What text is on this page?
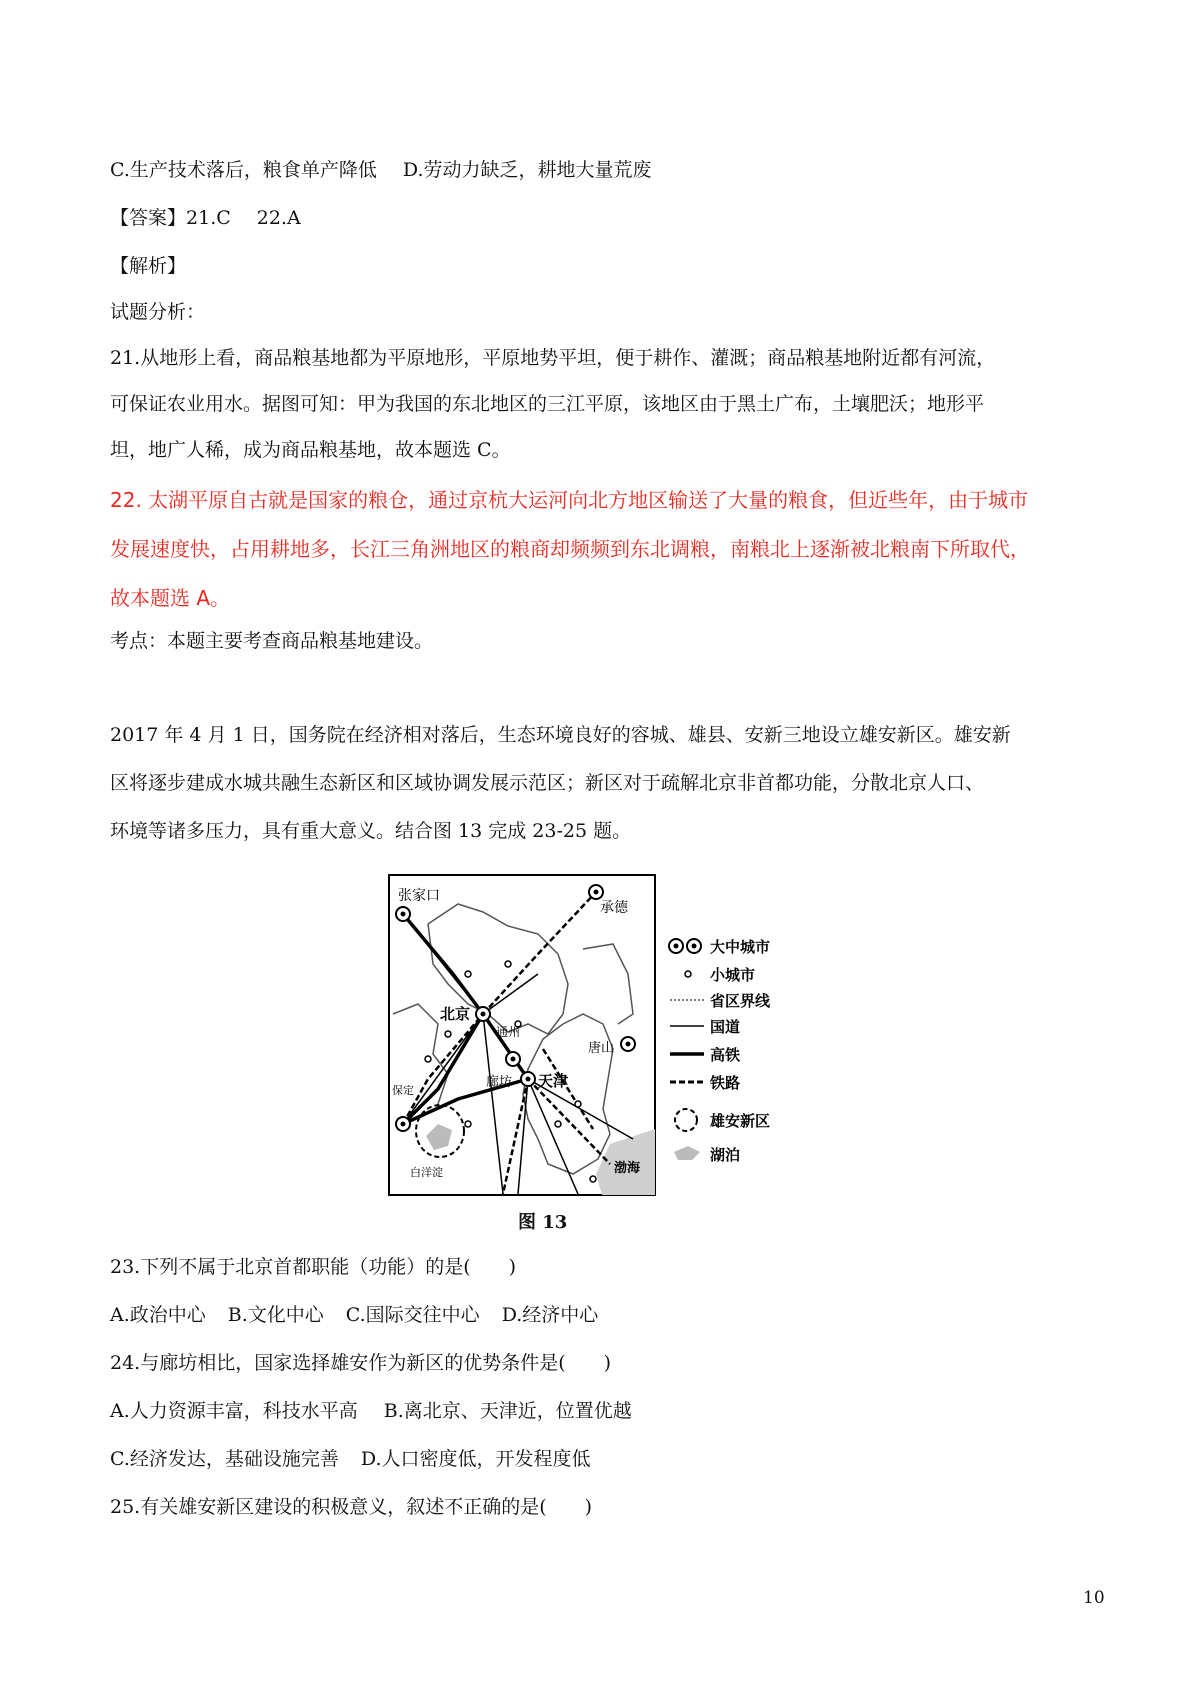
C.生产技术落后，粮食单产降低 D.劳动力缺乏，耕地大量荒废
【答案】21.C 22.A
【解析】
试题分析：
21.从地形上看，商品粮基地都为平原地形，平原地势平坦，便于耕作、灌溉；商品粮基地附近都有河流，
可保证农业用水。据图可知：甲为我国的东北地区的三江平原，该地区由于黑土广布，土壤肥沃；地形平
坦，地广人稀，成为商品粮基地，故本题选 C。
22. 太湖平原自古就是国家的粮仓，通过京杭大运河向北方地区输送了大量的粮食，但近些年，由于城市
发展速度快，占用耕地多，长江三角洲地区的粮商却频频到东北调粮，南粮北上逐渐被北粮南下所取代，
故本题选 A。
考点：本题主要考查商品粮基地建设。
2017 年 4 月 1 日，国务院在经济相对落后，生态环境良好的容城、雄县、安新三地设立雄安新区。雄安新
区将逐步建成水城共融生态新区和区域协调发展示范区；新区对于疏解北京非首都功能，分散北京人口、
环境等诸多压力，具有重大意义。结合图 13 完成 23-25 题。
张家口
承德
北京
通州
唐山
廊坊 天津
保定
白洋淀	渤海
大中城市
小城市
省区界线
国道
高铁
铁路
雄安新区
湖泊
图 13
23.下列不属于北京首都职能（功能）的是(　　)
A.政治中心 B.文化中心 C.国际交往中心 D.经济中心
24.与廊坊相比，国家选择雄安作为新区的优势条件是(　　)
A.人力资源丰富，科技水平高 B.离北京、天津近，位置优越
C.经济发达，基础设施完善 D.人口密度低，开发程度低
25.有关雄安新区建设的积极意义，叙述不正确的是(　　)
10
